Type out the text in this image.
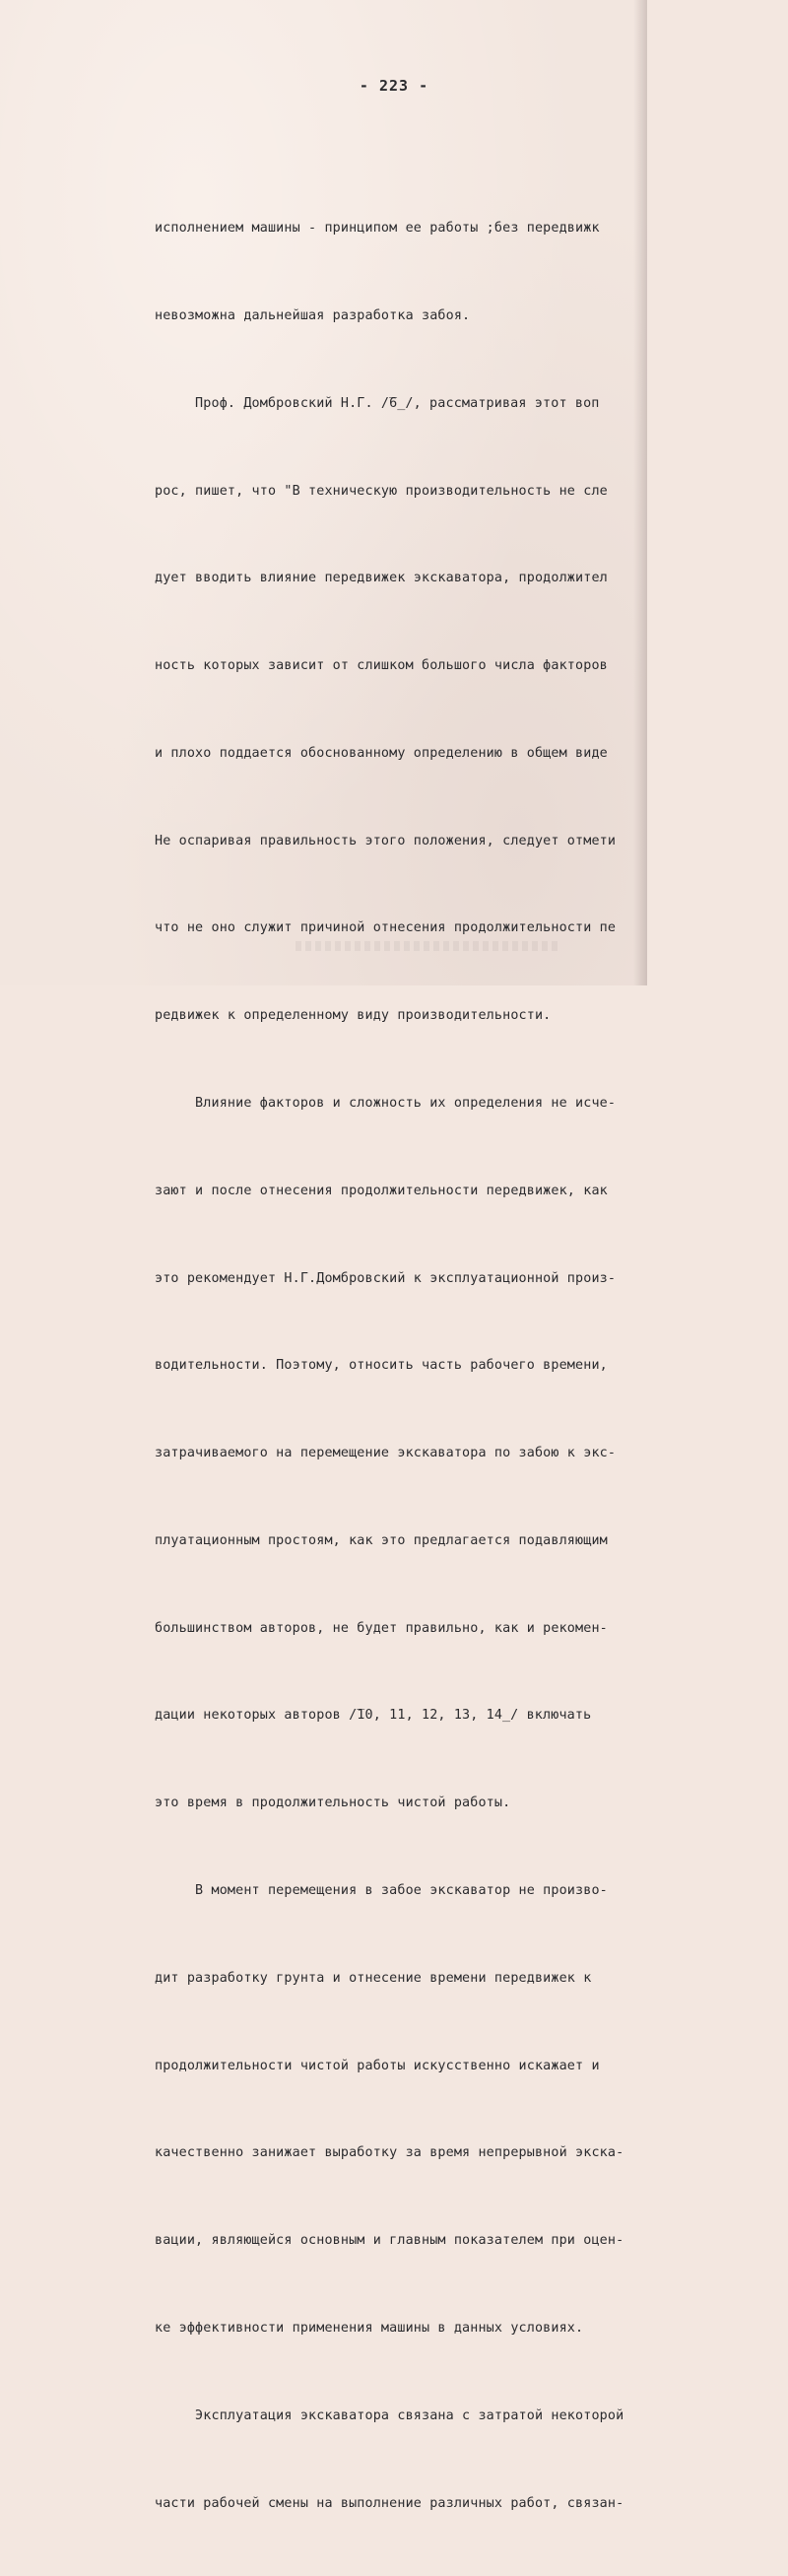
- 223 -

исполнением машины - принципом ее работы ;без передвижк

невозможна дальнейшая разработка забоя.

Проф. Домбровский Н.Г. /̅6̲/, рассматривая этот воп

рос, пишет, что "В техническую производительность не сле

дует вводить влияние передвижек экскаватора, продолжител

ность которых зависит от слишком большого числа факторов

и плохо поддается обоснованному определению в общем виде

Не оспаривая правильность этого положения, следует отмети

что не оно служит причиной отнесения продолжительности пе

редвижек к определенному виду производительности.

Влияние факторов и сложность их определения не исче-

зают и после отнесения продолжительности передвижек, как

это рекомендует Н.Г.Домбровский к эксплуатационной произ-

водительности. Поэтому, относить часть рабочего времени,

затрачиваемого на перемещение экскаватора по забою к экс-

плуатационным простоям, как это предлагается подавляющим

большинством авторов, не будет правильно, как и рекомен-

дации некоторых авторов /̅10, 11, 12, 13, 14̲/ включать

это время в продолжительность чистой работы.

В момент перемещения в забое экскаватор не произво-

дит разработку грунта и отнесение времени передвижек к

продолжительности чистой работы искусственно искажает и

качественно занижает выработку за время непрерывной экска-

вации, являющейся основным и главным показателем при оцен-

ке эффективности применения машины в данных условиях.

Эксплуатация экскаватора связана с затратой некоторой

части рабочей смены на выполнение различных работ, связан-
